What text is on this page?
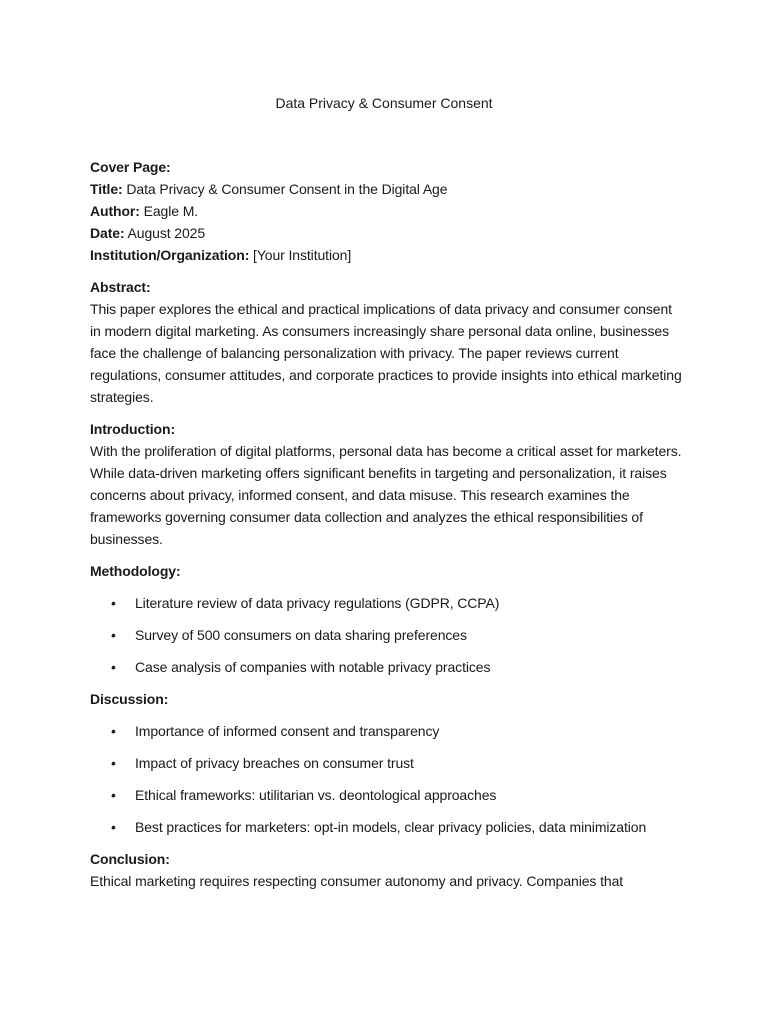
Data Privacy & Consumer Consent

Cover Page:

Title: Data Privacy & Consumer Consent in the Digital Age

Author: Eagle M.

Date: August 2025

Institution/Organization: [Your Institution]

Abstract:

This paper explores the ethical and practical implications of data privacy and consumer consent in modern digital marketing. As consumers increasingly share personal data online, businesses face the challenge of balancing personalization with privacy. The paper reviews current regulations, consumer attitudes, and corporate practices to provide insights into ethical marketing strategies.

Introduction:

With the proliferation of digital platforms, personal data has become a critical asset for marketers. While data-driven marketing offers significant benefits in targeting and personalization, it raises concerns about privacy, informed consent, and data misuse. This research examines the frameworks governing consumer data collection and analyzes the ethical responsibilities of businesses.

Methodology:

• Literature review of data privacy regulations (GDPR, CCPA)
• Survey of 500 consumers on data sharing preferences
• Case analysis of companies with notable privacy practices

Discussion:

• Importance of informed consent and transparency
• Impact of privacy breaches on consumer trust
• Ethical frameworks: utilitarian vs. deontological approaches
• Best practices for marketers: opt-in models, clear privacy policies, data minimization

Conclusion:

Ethical marketing requires respecting consumer autonomy and privacy. Companies that
